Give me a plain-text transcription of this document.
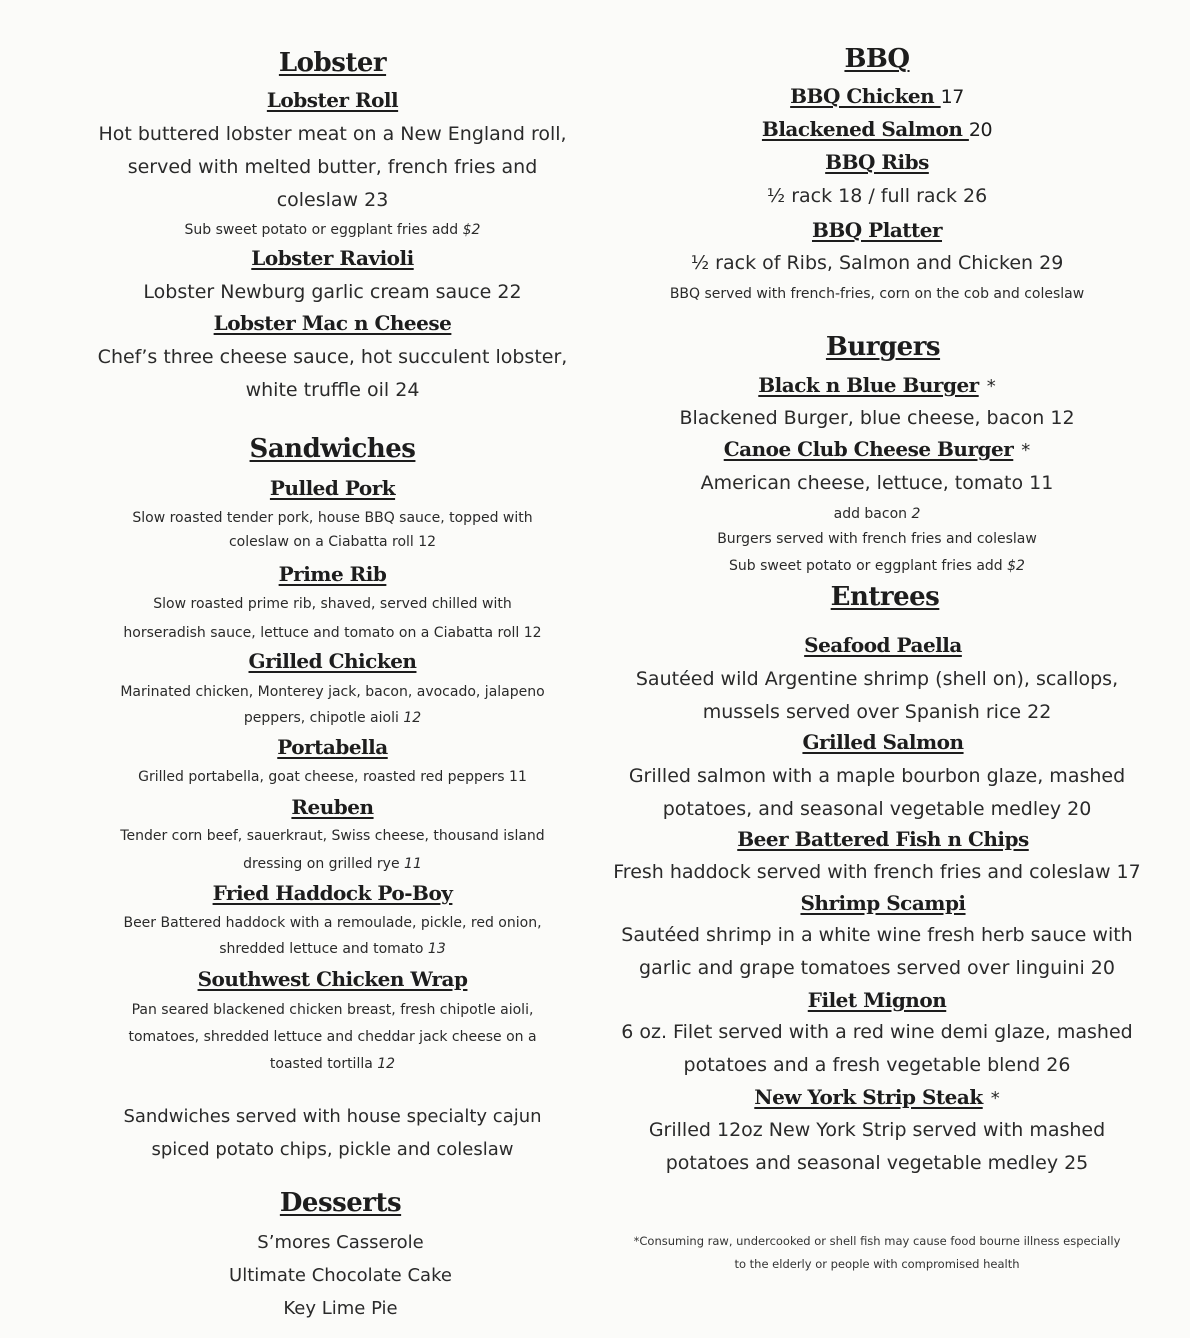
Lobster
Lobster Roll

Hot buttered lobster meat on a New England roll,

served with melted butter, french fries and

coleslaw 23

Sub sweet potato or eggplant fries add $2

Lobster Ravioli

Lobster Newburg garlic cream sauce 22

Lobster Mac n Cheese

Chef’s three cheese sauce, hot succulent lobster,

white truffle oil 24

Sandwiches
Pulled Pork

Slow roasted tender pork, house BBQ sauce, topped with

coleslaw on a Ciabatta roll 12

Prime Rib

Slow roasted prime rib, shaved, served chilled with

horseradish sauce, lettuce and tomato on a Ciabatta roll 12

Grilled Chicken

Marinated chicken, Monterey jack, bacon, avocado, jalapeno

peppers, chipotle aioli 12

Portabella

Grilled portabella, goat cheese, roasted red peppers 11

Reuben

Tender corn beef, sauerkraut, Swiss cheese, thousand island

dressing on grilled rye 11

Fried Haddock Po-Boy

Beer Battered haddock with a remoulade, pickle, red onion,

shredded lettuce and tomato 13

Southwest Chicken Wrap

Pan seared blackened chicken breast, fresh chipotle aioli,

tomatoes, shredded lettuce and cheddar jack cheese on a

toasted tortilla 12

Sandwiches served with house specialty cajun

spiced potato chips, pickle and coleslaw

Desserts

S’mores Casserole

Ultimate Chocolate Cake

Key Lime Pie

BBQ
BBQ Chicken 17
Blackened Salmon 20
BBQ Ribs

½ rack 18 / full rack 26

BBQ Platter

½ rack of Ribs, Salmon and Chicken 29

BBQ served with french-fries, corn on the cob and coleslaw

Burgers
Black n Blue Burger *

Blackened Burger, blue cheese, bacon 12

Canoe Club Cheese Burger *

American cheese, lettuce, tomato 11

add bacon 2

Burgers served with french fries and coleslaw

Sub sweet potato or eggplant fries add $2

Entrees
Seafood Paella

Sautéed wild Argentine shrimp (shell on), scallops,

mussels served over Spanish rice 22

Grilled Salmon

Grilled salmon with a maple bourbon glaze, mashed

potatoes, and seasonal vegetable medley 20

Beer Battered Fish n Chips

Fresh haddock served with french fries and coleslaw 17

Shrimp Scampi

Sautéed shrimp in a white wine fresh herb sauce with

garlic and grape tomatoes served over linguini 20

Filet Mignon

6 oz. Filet served with a red wine demi glaze, mashed

potatoes and a fresh vegetable blend 26

New York Strip Steak *

Grilled 12oz New York Strip served with mashed

potatoes and seasonal vegetable medley 25

*Consuming raw, undercooked or shell fish may cause food bourne illness especially

to the elderly or people with compromised health
